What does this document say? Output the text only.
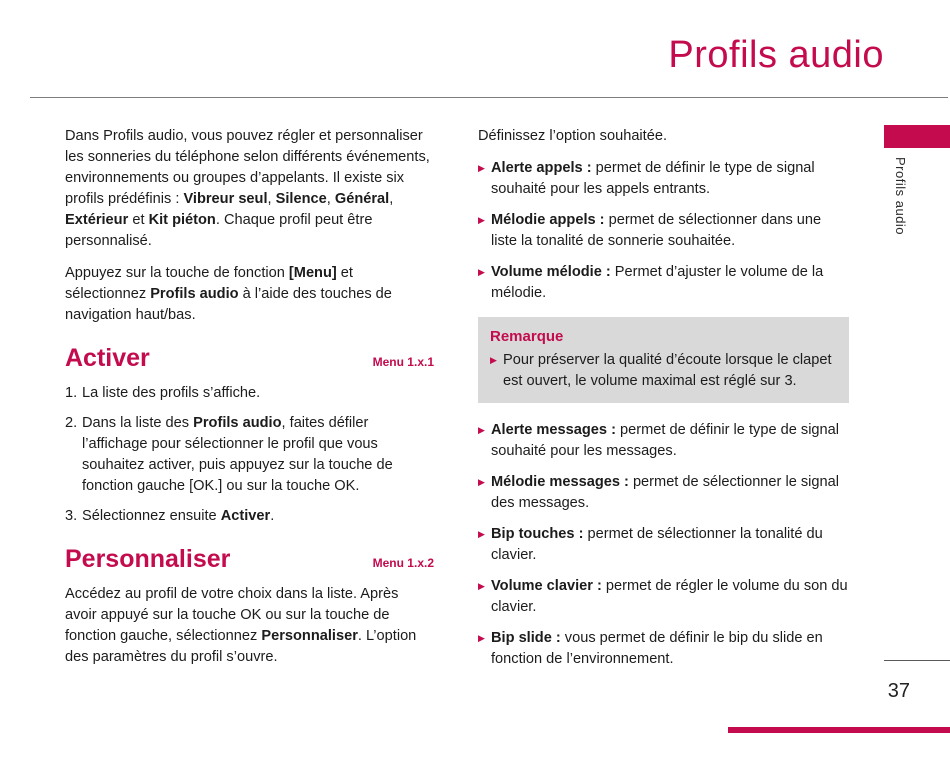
Profils audio
Profils audio

Dans Profils audio, vous pouvez régler et personnaliser les sonneries du téléphone selon différents événements, environnements ou groupes d’appelants. Il existe six profils prédéfinis : Vibreur seul, Silence, Général, Extérieur et Kit piéton. Chaque profil peut être personnalisé.

Appuyez sur la touche de fonction [Menu] et sélectionnez Profils audio à l’aide des touches de navigation haut/bas.

Activer	Menu 1.x.1
1. La liste des profils s’affiche.
2. Dans la liste des Profils audio, faites défiler l’affichage pour sélectionner le profil que vous souhaitez activer, puis appuyez sur la touche de fonction gauche [OK.] ou sur la touche OK.
3. Sélectionnez ensuite Activer.
Personnaliser	Menu 1.x.2

Accédez au profil de votre choix dans la liste. Après avoir appuyé sur la touche OK ou sur la touche de fonction gauche, sélectionnez Personnaliser. L’option des paramètres du profil s’ouvre.

Définissez l’option souhaitée.

▶ Alerte appels : permet de définir le type de signal souhaité pour les appels entrants.
▶ Mélodie appels : permet de sélectionner dans une liste la tonalité de sonnerie souhaitée.
▶ Volume mélodie : Permet d’ajuster le volume de la mélodie.
Remarque
▶ Pour préserver la qualité d’écoute lorsque le clapet est ouvert, le volume maximal est réglé sur 3.
▶ Alerte messages : permet de définir le type de signal souhaité pour les messages.
▶ Mélodie messages : permet de sélectionner le signal des messages.
▶ Bip touches : permet de sélectionner la tonalité du clavier.
▶ Volume clavier : permet de régler le volume du son du clavier.
▶ Bip slide : vous permet de définir le bip du slide en fonction de l’environnement.
37
